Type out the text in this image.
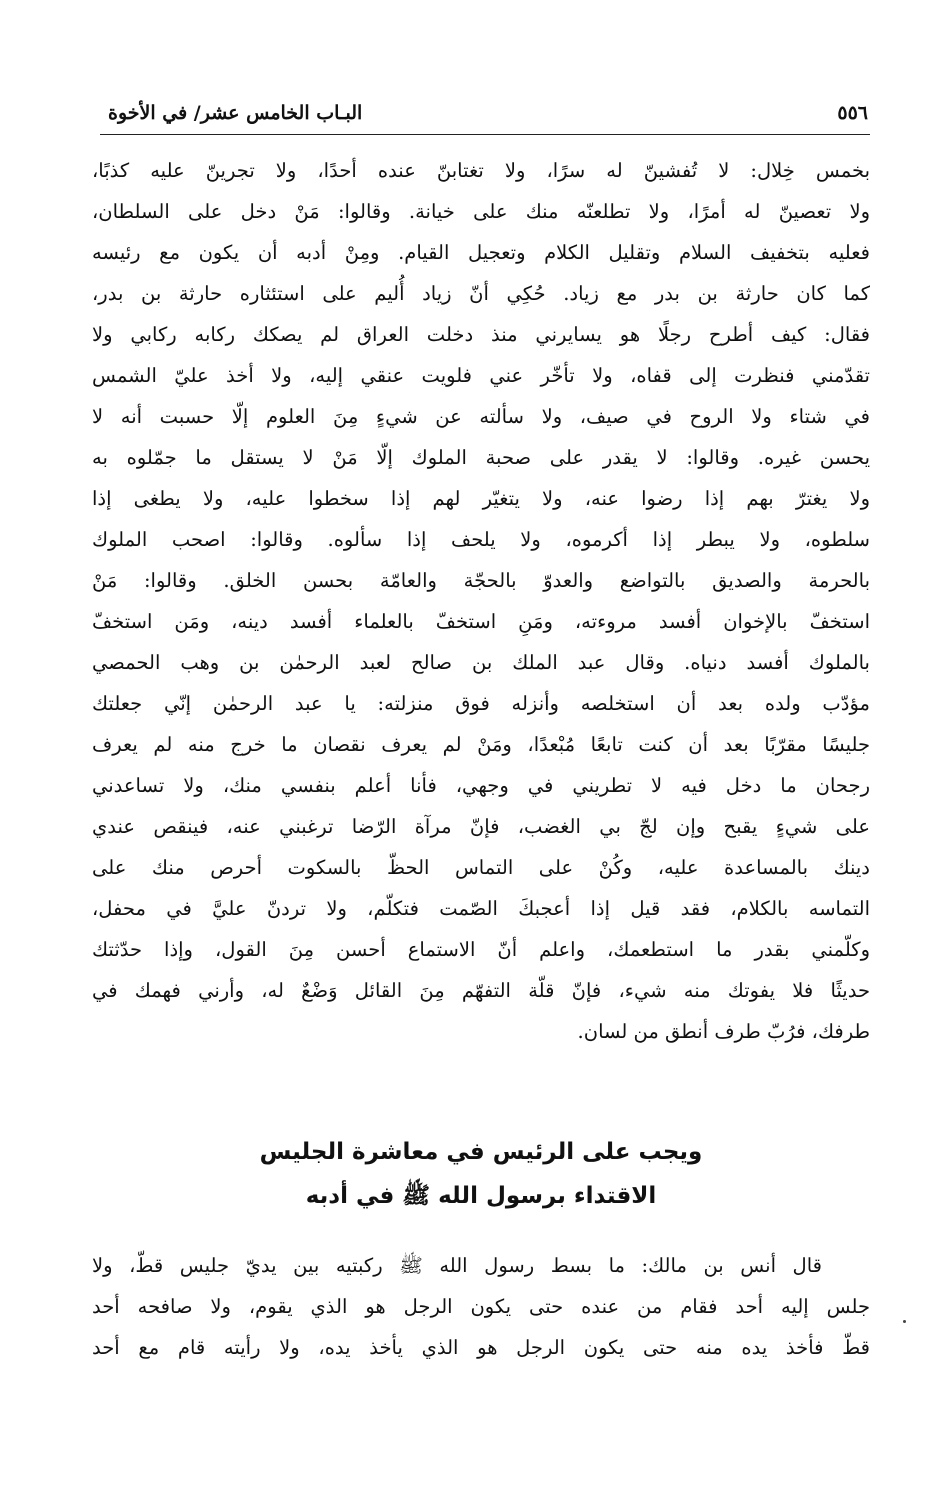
البـاب الخامس عشر/ في الأخوة	٥٥٦
بخمس خِلال: لا تُفشينّ له سرًا، ولا تغتابنّ عنده أحدًا، ولا تجرينّ عليه كذبًا،
ولا تعصينّ له أمرًا، ولا تطلعنّه منك على خيانة. وقالوا: مَنْ دخل على السلطان،
فعليه بتخفيف السلام وتقليل الكلام وتعجيل القيام. ومِنْ أدبه أن يكون مع رئيسه
كما كان حارثة بن بدر مع زياد. حُكِي أنّ زياد أُليم على استئثاره حارثة بن بدر،
فقال: كيف أطرح رجلًا هو يسايرني منذ دخلت العراق لم يصكك ركابه ركابي ولا
تقدّمني فنظرت إلى قفاه، ولا تأخّر عني فلويت عنقي إليه، ولا أخذ عليّ الشمس
في شتاء ولا الروح في صيف، ولا سألته عن شيءٍ مِنَ العلوم إلّا حسبت أنه لا
يحسن غيره. وقالوا: لا يقدر على صحبة الملوك إلّا مَنْ لا يستقل ما جمّلوه به
ولا يغترّ بهم إذا رضوا عنه، ولا يتغيّر لهم إذا سخطوا عليه، ولا يطغى إذا
سلطوه، ولا يبطر إذا أكرموه، ولا يلحف إذا سألوه. وقالوا: اصحب الملوك
بالحرمة والصديق بالتواضع والعدوّ بالحجّة والعامّة بحسن الخلق. وقالوا: مَنْ
استخفّ بالإخوان أفسد مروءته، ومَنِ استخفّ بالعلماء أفسد دينه، ومَن استخفّ
بالملوك أفسد دنياه. وقال عبد الملك بن صالح لعبد الرحمٰن بن وهب الحمصي
مؤدّب ولده بعد أن استخلصه وأنزله فوق منزلته: يا عبد الرحمٰن إنّي جعلتك
جليسًا مقرّبًا بعد أن كنت تابعًا مُبْعدًا، ومَنْ لم يعرف نقصان ما خرج منه لم يعرف
رجحان ما دخل فيه لا تطريني في وجهي، فأنا أعلم بنفسي منك، ولا تساعدني
على شيءٍ يقبح وإن لجّ بي الغضب، فإنّ مرآة الرّضا ترغبني عنه، فينقص عندي
دينك بالمساعدة عليه، وكُنْ على التماس الحظّ بالسكوت أحرص منك على
التماسه بالكلام، فقد قيل إذا أعجبكَ الصّمت فتكلّم، ولا تردنّ عليَّ في محفل،
وكلّمني بقدر ما استطعمك، واعلم أنّ الاستماع أحسن مِنَ القول، وإذا حدّثتك
حديثًا فلا يفوتك منه شيء، فإنّ قلّة التفهّم مِنَ القائل وَضْعٌ له، وأرني فهمك في
طرفك، فرُبّ طرف أنطق من لسان.
ويجب على الرئيس في معاشرة الجليس
الاقتداء برسول الله ﷺ في أدبه
قال أنس بن مالك: ما بسط رسول الله ﷺ ركبتيه بين يديّ جليس قطّ، ولا
جلس إليه أحد فقام من عنده حتى يكون الرجل هو الذي يقوم، ولا صافحه أحد
قطّ فأخذ يده منه حتى يكون الرجل هو الذي يأخذ يده، ولا رأيته قام مع أحد
